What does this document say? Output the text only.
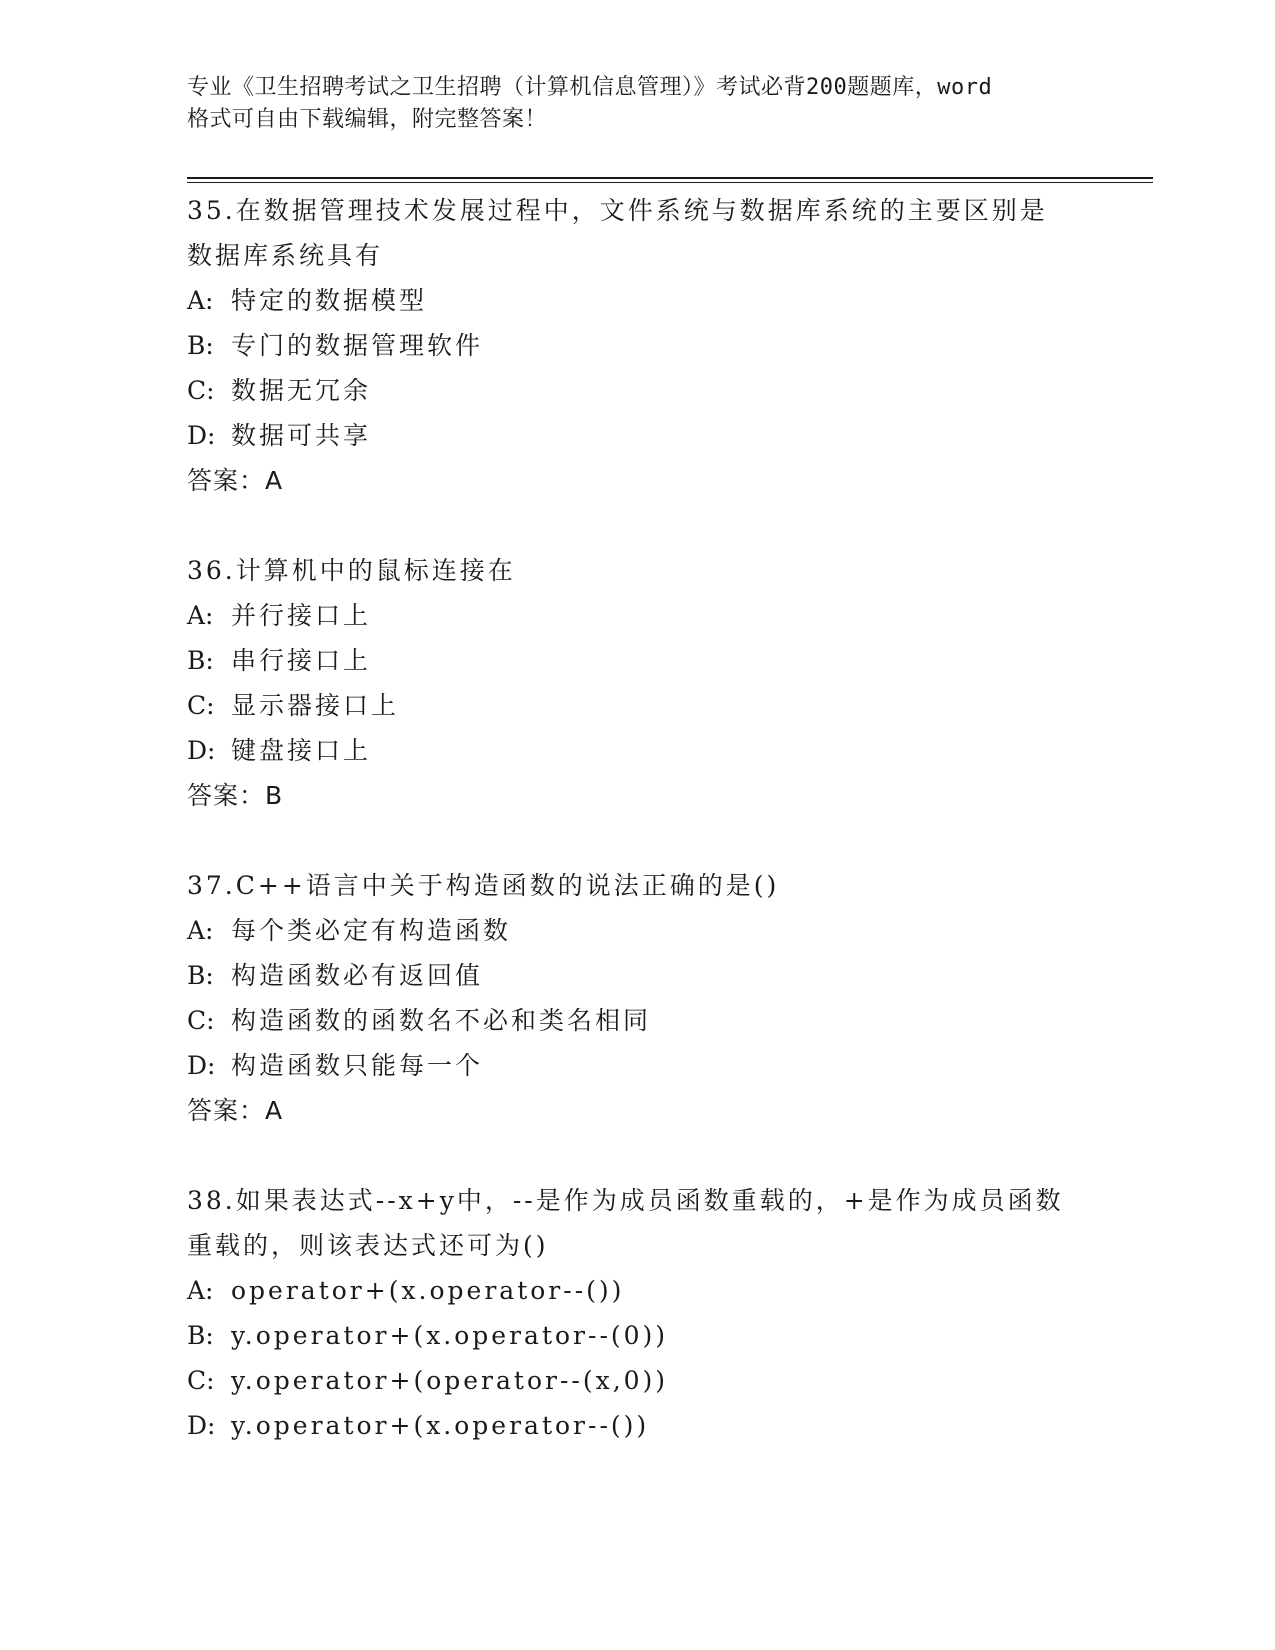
专业《卫生招聘考试之卫生招聘（计算机信息管理）》考试必背200题题库，word
格式可自由下载编辑，附完整答案！
35.在数据管理技术发展过程中，文件系统与数据库系统的主要区别是
数据库系统具有
A: 特定的数据模型
B: 专门的数据管理软件
C: 数据无冗余
D: 数据可共享
答案：A
36.计算机中的鼠标连接在
A: 并行接口上
B: 串行接口上
C: 显示器接口上
D: 键盘接口上
答案：B
37.C++语言中关于构造函数的说法正确的是()
A: 每个类必定有构造函数
B: 构造函数必有返回值
C: 构造函数的函数名不必和类名相同
D: 构造函数只能每一个
答案：A
38.如果表达式--x+y中，--是作为成员函数重载的，+是作为成员函数
重载的，则该表达式还可为()
A: operator+(x.operator--())
B: y.operator+(x.operator--(0))
C: y.operator+(operator--(x,0))
D: y.operator+(x.operator--())
